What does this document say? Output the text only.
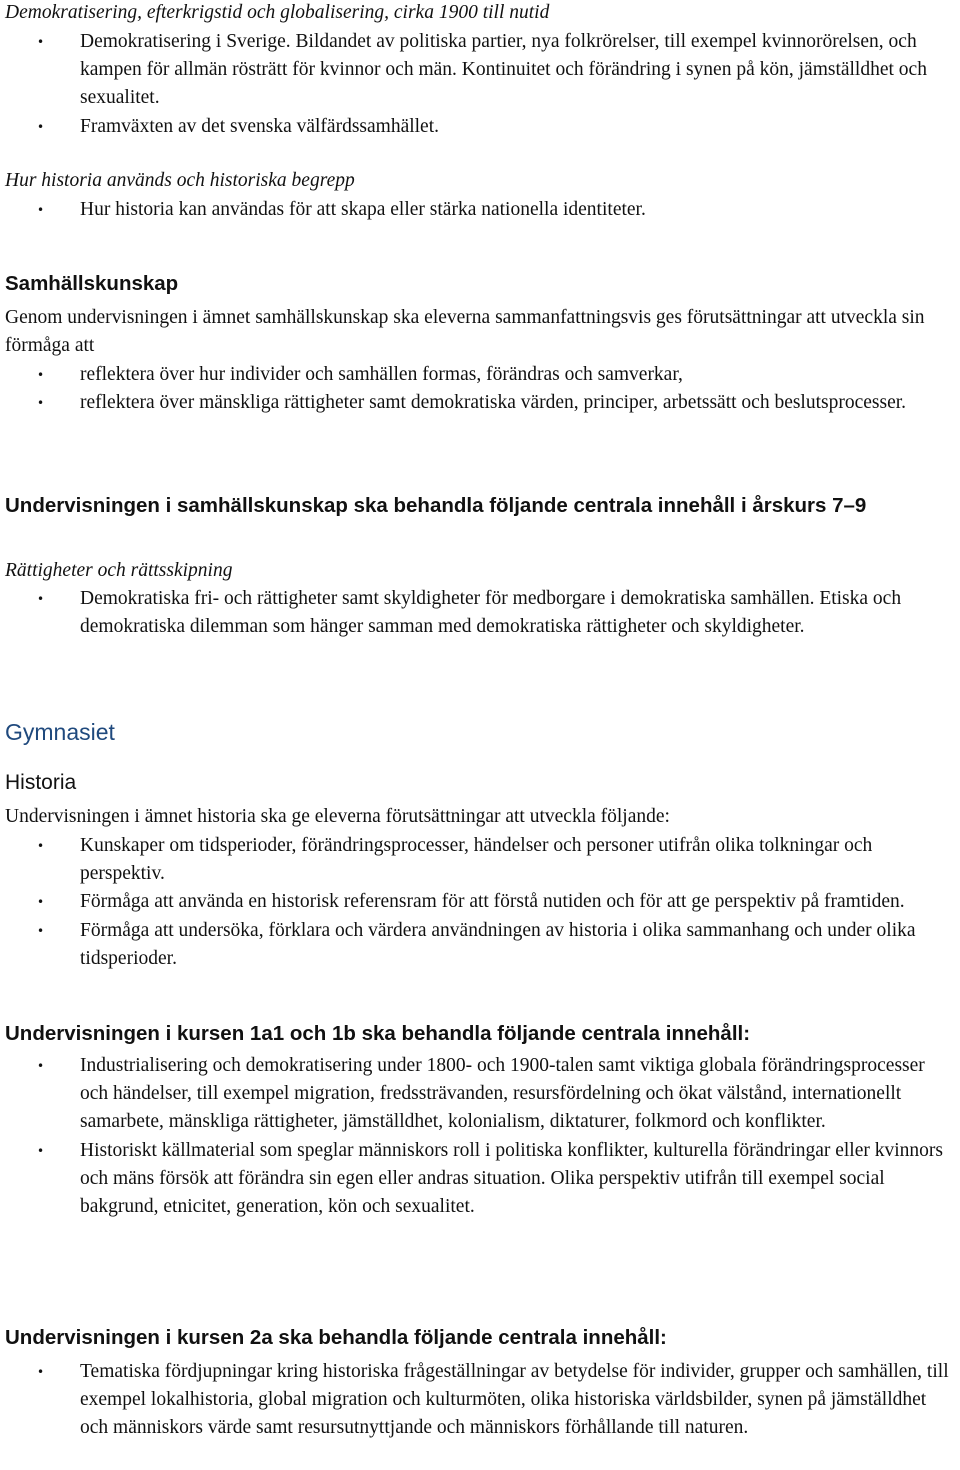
Demokratisering, efterkrigstid och globalisering, cirka 1900 till nutid
• Demokratisering i Sverige. Bildandet av politiska partier, nya folkrörelser, till exempel kvinnorörelsen, och kampen för allmän rösträtt för kvinnor och män. Kontinuitet och förändring i synen på kön, jämställdhet och sexualitet.
• Framväxten av det svenska välfärdssamhället.
Hur historia används och historiska begrepp
• Hur historia kan användas för att skapa eller stärka nationella identiteter.
Samhällskunskap
Genom undervisningen i ämnet samhällskunskap ska eleverna sammanfattningsvis ges förutsättningar att utveckla sin förmåga att
• reflektera över hur individer och samhällen formas, förändras och samverkar,
• reflektera över mänskliga rättigheter samt demokratiska värden, principer, arbetssätt och beslutsprocesser.
Undervisningen i samhällskunskap ska behandla följande centrala innehåll i årskurs 7–9
Rättigheter och rättsskipning
• Demokratiska fri- och rättigheter samt skyldigheter för medborgare i demokratiska samhällen. Etiska och demokratiska dilemman som hänger samman med demokratiska rättigheter och skyldigheter.
Gymnasiet
Historia
Undervisningen i ämnet historia ska ge eleverna förutsättningar att utveckla följande:
• Kunskaper om tidsperioder, förändringsprocesser, händelser och personer utifrån olika tolkningar och perspektiv.
• Förmåga att använda en historisk referensram för att förstå nutiden och för att ge perspektiv på framtiden.
• Förmåga att undersöka, förklara och värdera användningen av historia i olika sammanhang och under olika tidsperioder.
Undervisningen i kursen 1a1 och 1b ska behandla följande centrala innehåll:
• Industrialisering och demokratisering under 1800- och 1900-talen samt viktiga globala förändringsprocesser och händelser, till exempel migration, fredssträvanden, resursfördelning och ökat välstånd, internationellt samarbete, mänskliga rättigheter, jämställdhet, kolonialism, diktaturer, folkmord och konflikter.
• Historiskt källmaterial som speglar människors roll i politiska konflikter, kulturella förändringar eller kvinnors och mäns försök att förändra sin egen eller andras situation. Olika perspektiv utifrån till exempel social bakgrund, etnicitet, generation, kön och sexualitet.
Undervisningen i kursen 2a ska behandla följande centrala innehåll:
• Tematiska fördjupningar kring historiska frågeställningar av betydelse för individer, grupper och samhällen, till exempel lokalhistoria, global migration och kulturmöten, olika historiska världsbilder, synen på jämställdhet och människors värde samt resursutnyttjande och människors förhållande till naturen.
